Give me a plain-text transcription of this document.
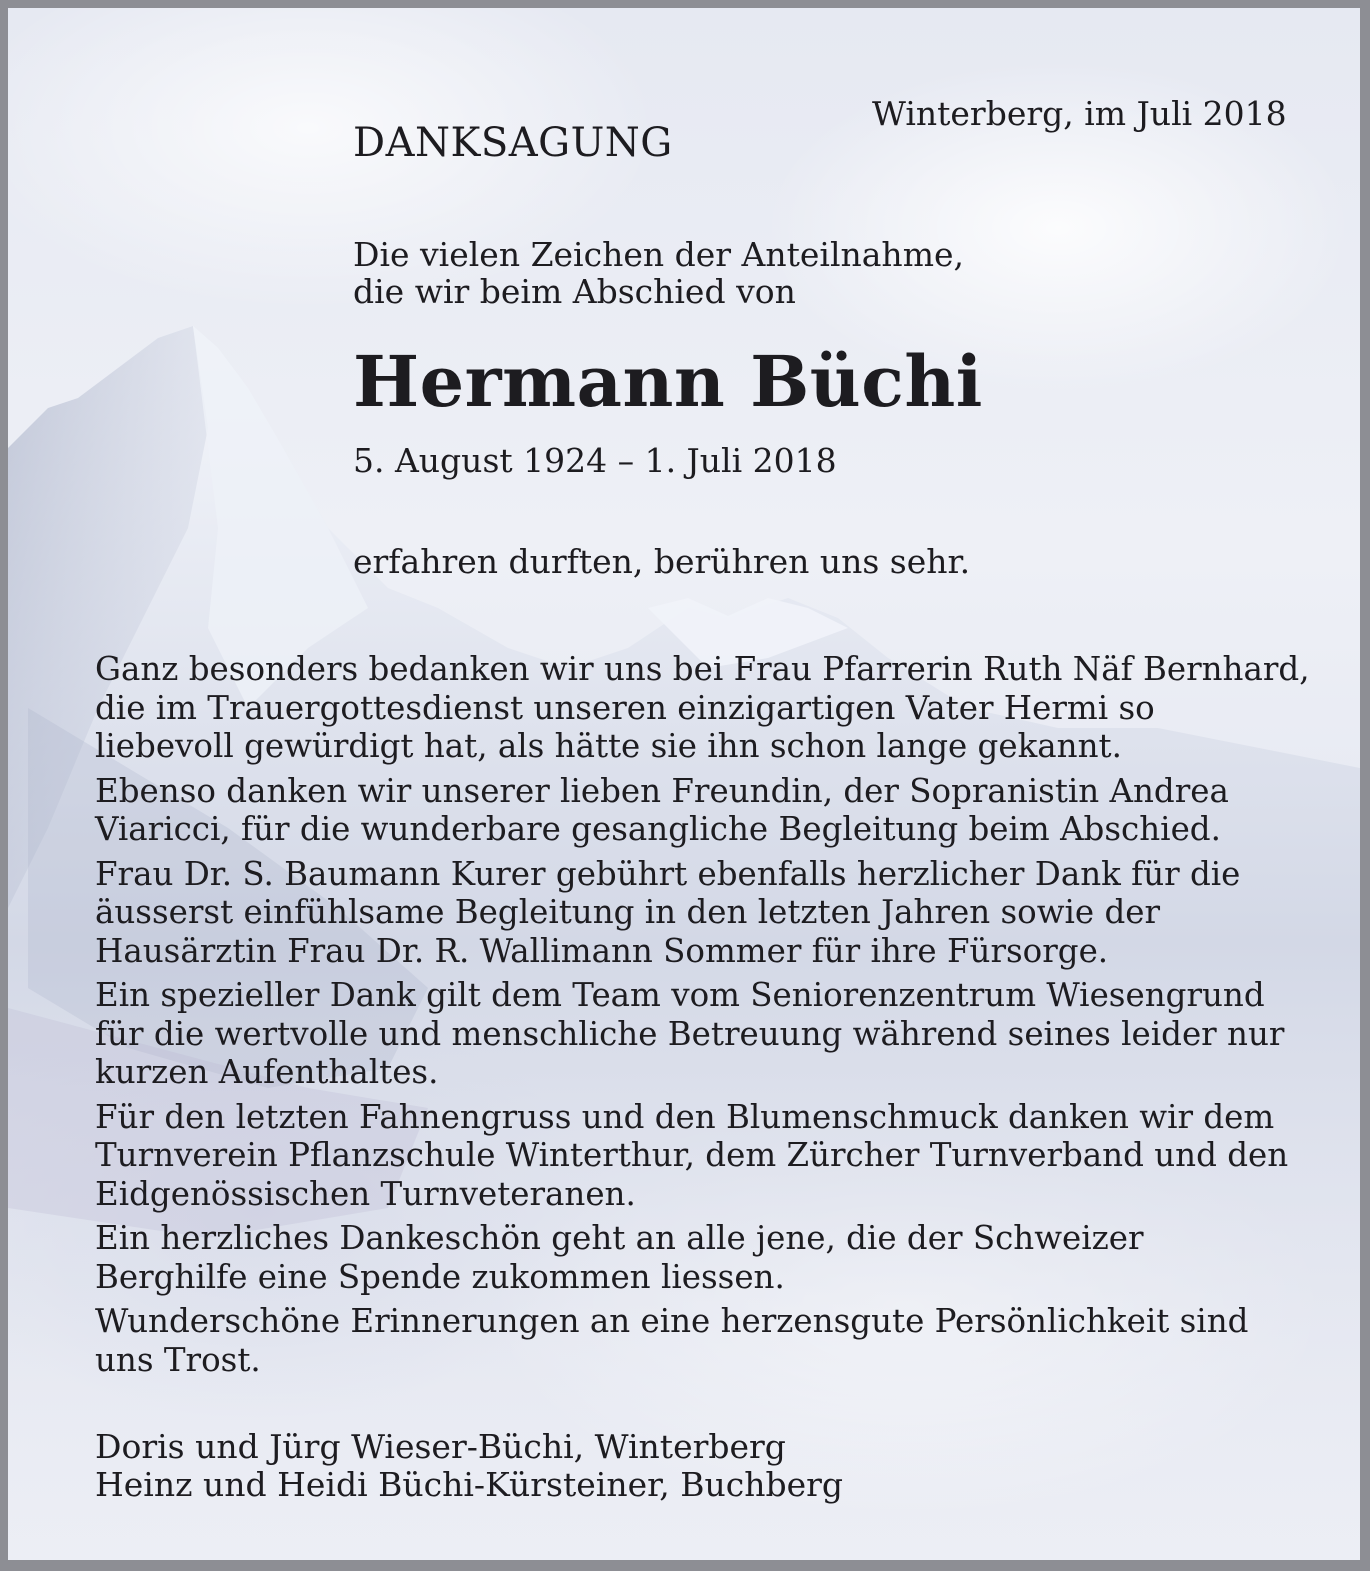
Winterberg, im Juli 2018
DANKSAGUNG
Die vielen Zeichen der Anteilnahme,
die wir beim Abschied von
Hermann Büchi
5. August 1924 – 1. Juli 2018
erfahren durften, berühren uns sehr.

Ganz besonders bedanken wir uns bei Frau Pfarrerin Ruth Näf Bernhard,
die im Trauergottesdienst unseren einzigartigen Vater Hermi so
liebevoll gewürdigt hat, als hätte sie ihn schon lange gekannt.

Ebenso danken wir unserer lieben Freundin, der Sopranistin Andrea
Viaricci, für die wunderbare gesangliche Begleitung beim Abschied.

Frau Dr. S. Baumann Kurer gebührt ebenfalls herzlicher Dank für die
äusserst einfühlsame Begleitung in den letzten Jahren sowie der
Hausärztin Frau Dr. R. Wallimann Sommer für ihre Fürsorge.

Ein spezieller Dank gilt dem Team vom Seniorenzentrum Wiesengrund
für die wertvolle und menschliche Betreuung während seines leider nur
kurzen Aufenthaltes.

Für den letzten Fahnengruss und den Blumenschmuck danken wir dem
Turnverein Pflanzschule Winterthur, dem Zürcher Turnverband und den
Eidgenössischen Turnveteranen.

Ein herzliches Dankeschön geht an alle jene, die der Schweizer
Berghilfe eine Spende zukommen liessen.

Wunderschöne Erinnerungen an eine herzensgute Persönlichkeit sind
uns Trost.

Doris und Jürg Wieser-Büchi, Winterberg
Heinz und Heidi Büchi-Kürsteiner, Buchberg
